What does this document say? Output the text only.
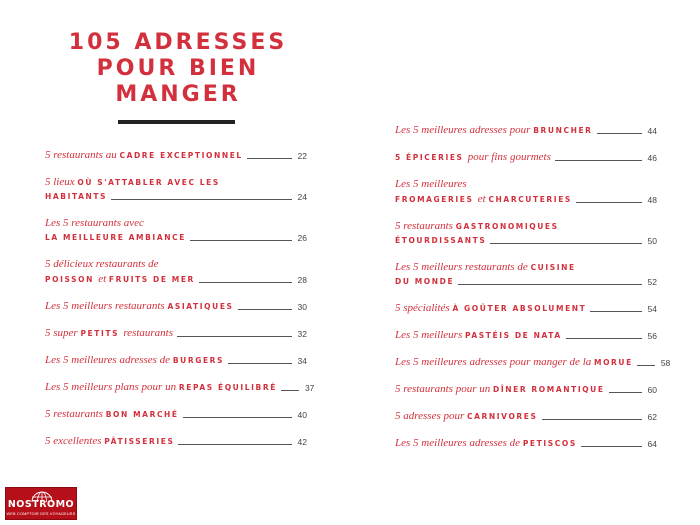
105 ADRESSES
POUR BIEN
MANGER
5 restaurants au CADRE EXCEPTIONNEL	22
5 lieux OÙ S'ATTABLER AVEC LES
HABITANTS	24
Les 5 restaurants avec
LA MEILLEURE AMBIANCE	26
5 délicieux restaurants de
POISSON et FRUITS DE MER	28
Les 5 meilleurs restaurants ASIATIQUES	30
5 super PETITS restaurants	32
Les 5 meilleures adresses de BURGERS	34
Les 5 meilleurs plans pour un REPAS ÉQUILIBRÉ	37
5 restaurants BON MARCHÉ	40
5 excellentes PÂTISSERIES	42
Les 5 meilleures adresses pour BRUNCHER	44
5 ÉPICERIES pour fins gourmets	46
Les 5 meilleures
FROMAGERIES et CHARCUTERIES	48
5 restaurants GASTRONOMIQUES
ÉTOURDISSANTS	50
Les 5 meilleurs restaurants de CUISINE
DU MONDE	52
5 spécialités À GOÛTER ABSOLUMENT	54
Les 5 meilleurs PASTÉIS DE NATA	56
Les 5 meilleures adresses pour manger de la MORUE	58
5 restaurants pour un DÎNER ROMANTIQUE	60
5 adresses pour CARNIVORES	62
Les 5 meilleures adresses de PETISCOS	64
NOSTROMO
WEB COMPTOIR DES VOYAGEURS
